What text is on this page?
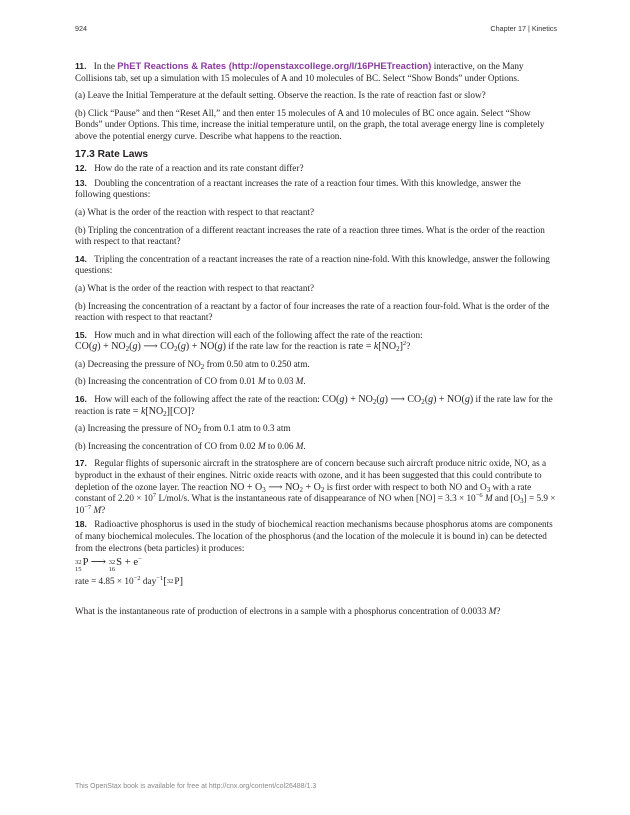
924	Chapter 17 | Kinetics

11. In the PhET Reactions & Rates (http://openstaxcollege.org/l/16PHETreaction) interactive, on the Many Collisions tab, set up a simulation with 15 molecules of A and 10 molecules of BC. Select “Show Bonds” under Options.

(a) Leave the Initial Temperature at the default setting. Observe the reaction. Is the rate of reaction fast or slow?

(b) Click “Pause” and then “Reset All,” and then enter 15 molecules of A and 10 molecules of BC once again. Select “Show Bonds” under Options. This time, increase the initial temperature until, on the graph, the total average energy line is completely above the potential energy curve. Describe what happens to the reaction.

17.3 Rate Laws

12. How do the rate of a reaction and its rate constant differ?

13. Doubling the concentration of a reactant increases the rate of a reaction four times. With this knowledge, answer the following questions:

(a) What is the order of the reaction with respect to that reactant?

(b) Tripling the concentration of a different reactant increases the rate of a reaction three times. What is the order of the reaction with respect to that reactant?

14. Tripling the concentration of a reactant increases the rate of a reaction nine-fold. With this knowledge, answer the following questions:

(a) What is the order of the reaction with respect to that reactant?

(b) Increasing the concentration of a reactant by a factor of four increases the rate of a reaction four-fold. What is the order of the reaction with respect to that reactant?

15. How much and in what direction will each of the following affect the rate of the reaction:
$CO(g) + NO_2(g)$ ⟶ $CO_2(g) + NO(g)$ if the rate law for the reaction is rate = $k[NO_2]^2$?

(a) Decreasing the pressure of $NO_2$ from 0.50 atm to 0.250 atm.

(b) Increasing the concentration of CO from 0.01 M to 0.03 M.

16. How will each of the following affect the rate of the reaction: $CO(g) + NO_2(g)$ ⟶ $CO_2(g) + NO(g)$ if the rate law for the reaction is rate = $k[NO_2][CO]$?

(a) Increasing the pressure of $NO_2$ from 0.1 atm to 0.3 atm

(b) Increasing the concentration of CO from 0.02 M to 0.06 M.

17. Regular flights of supersonic aircraft in the stratosphere are of concern because such aircraft produce nitric oxide, NO, as a byproduct in the exhaust of their engines. Nitric oxide reacts with ozone, and it has been suggested that this could contribute to depletion of the ozone layer. The reaction NO + $O_3$ ⟶ $NO_2 + O_2$ is first order with respect to both NO and $O_3$ with a rate constant of $2.20 \times 10^7$ L/mol/s. What is the instantaneous rate of disappearance of NO when $[NO] = 3.3 \times 10^{-6}$ M and $[O_3] = 5.9 \times 10^{-7}$ M?

18. Radioactive phosphorus is used in the study of biochemical reaction mechanisms because phosphorus atoms are components of many biochemical molecules. The location of the phosphorus (and the location of the molecule it is bound in) can be detected from the electrons (beta particles) it produces:

32
15P ⟶ 32
16S + e−

rate = $4.85 \times 10^{-2}$ day$^{-1}$[32
P]

What is the instantaneous rate of production of electrons in a sample with a phosphorus concentration of 0.0033 M?

This OpenStax book is available for free at http://cnx.org/content/col26488/1.3
